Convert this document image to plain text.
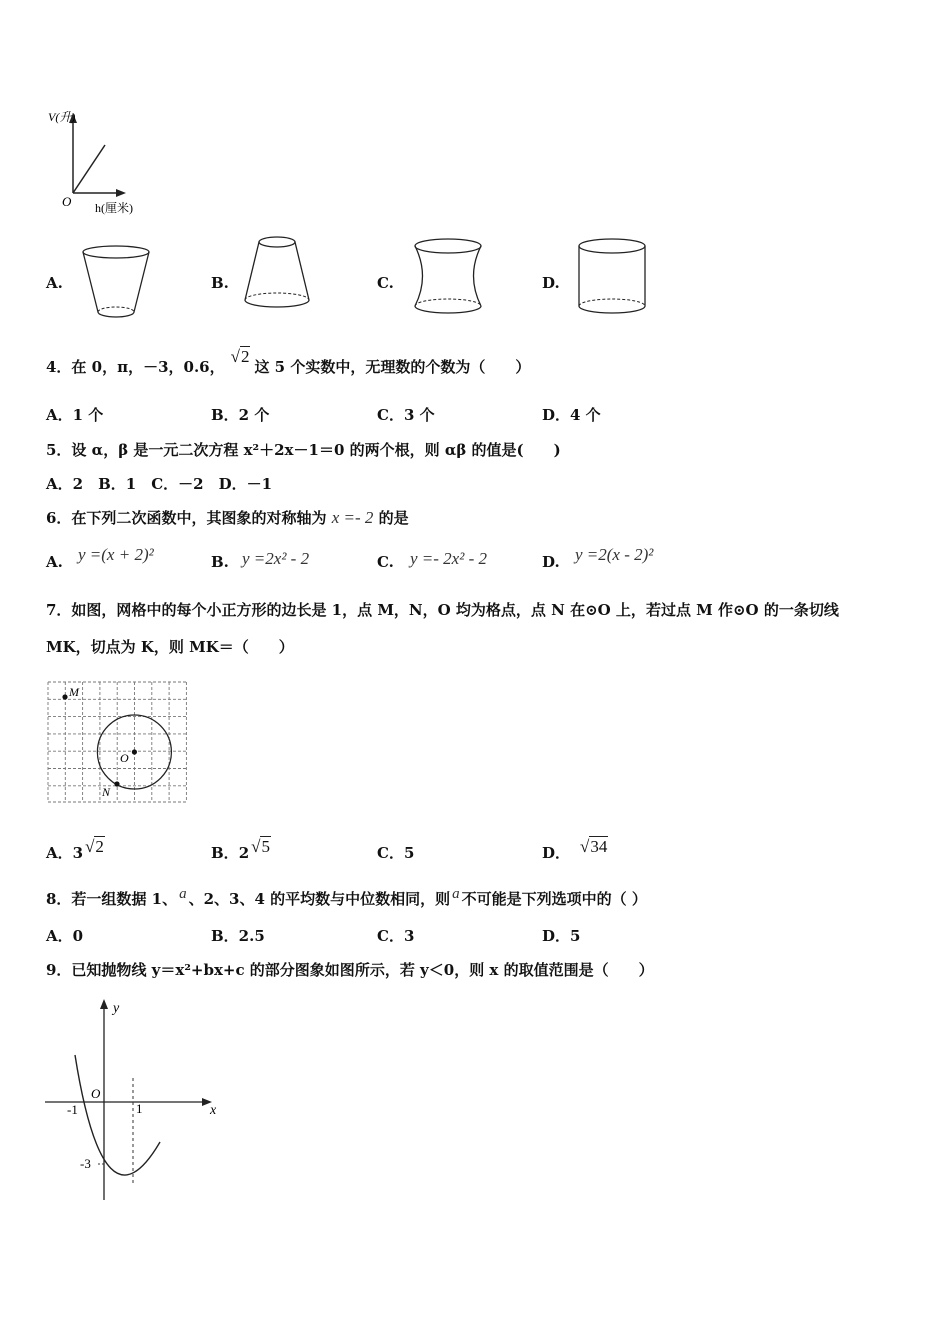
V(升)
O h(厘米)
A.	B.	C.	D.
4．在 0，π，－3，0.6，√2这 5 个实数中，无理数的个数为（　　）
A．1 个	B．2 个	C．3 个	D．4 个
5．设 α，β 是一元二次方程 x²＋2x－1＝0 的两个根，则 αβ 的值是(　　)
A．2　B．1　C．－2　D．－1
6．在下列二次函数中，其图象的对称轴为 x =- 2 的是
A. y =(x + 2)²	B. y =2x² - 2	C. y =- 2x² - 2	D. y =2(x - 2)²
7．如图，网格中的每个小正方形的边长是 1，点 M，N，O 均为格点，点 N 在⊙O 上，若过点 M 作⊙O 的一条切线
MK，切点为 K，则 MK＝（　　）
M
O
N
A．3 √2	B．2 √5	C．5	D． √34
8．若一组数据 1、 a 、2、3、4 的平均数与中位数相同，则 a 不可能是下列选项中的（ ）
A．0	B．2.5	C．3	D．5
9．已知抛物线 y＝x²+bx+c 的部分图象如图所示，若 y＜0，则 x 的取值范围是（　　）
y
x
O
-1	1
-3
